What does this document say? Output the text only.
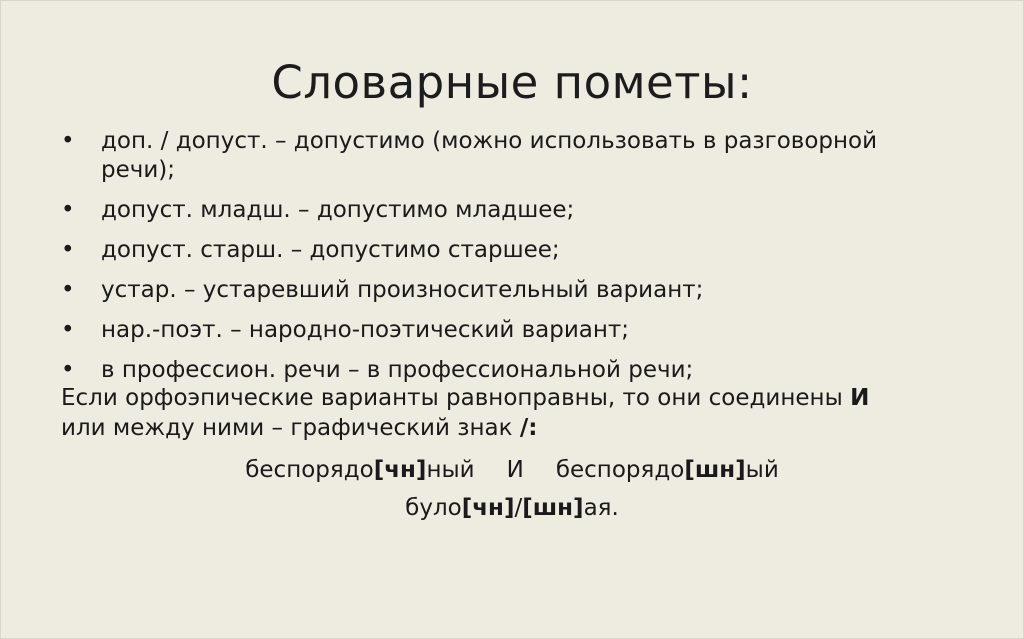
Словарные пометы:
• доп. / допуст. – допустимо (можно использовать в разговорной
речи);
• допуст. младш. – допустимо младшее;
• допуст. старш. – допустимо старшее;
• устар. – устаревший произносительный вариант;
• нар.-поэт. – народно-поэтический вариант;
• в профессион. речи – в профессиональной речи;

Если орфоэпические варианты равноправны, то они соединены И
или между ними – графический знак /:

беспорядо[чн]ный И беспорядо[шн]ый
було[чн]/[шн]ая.
